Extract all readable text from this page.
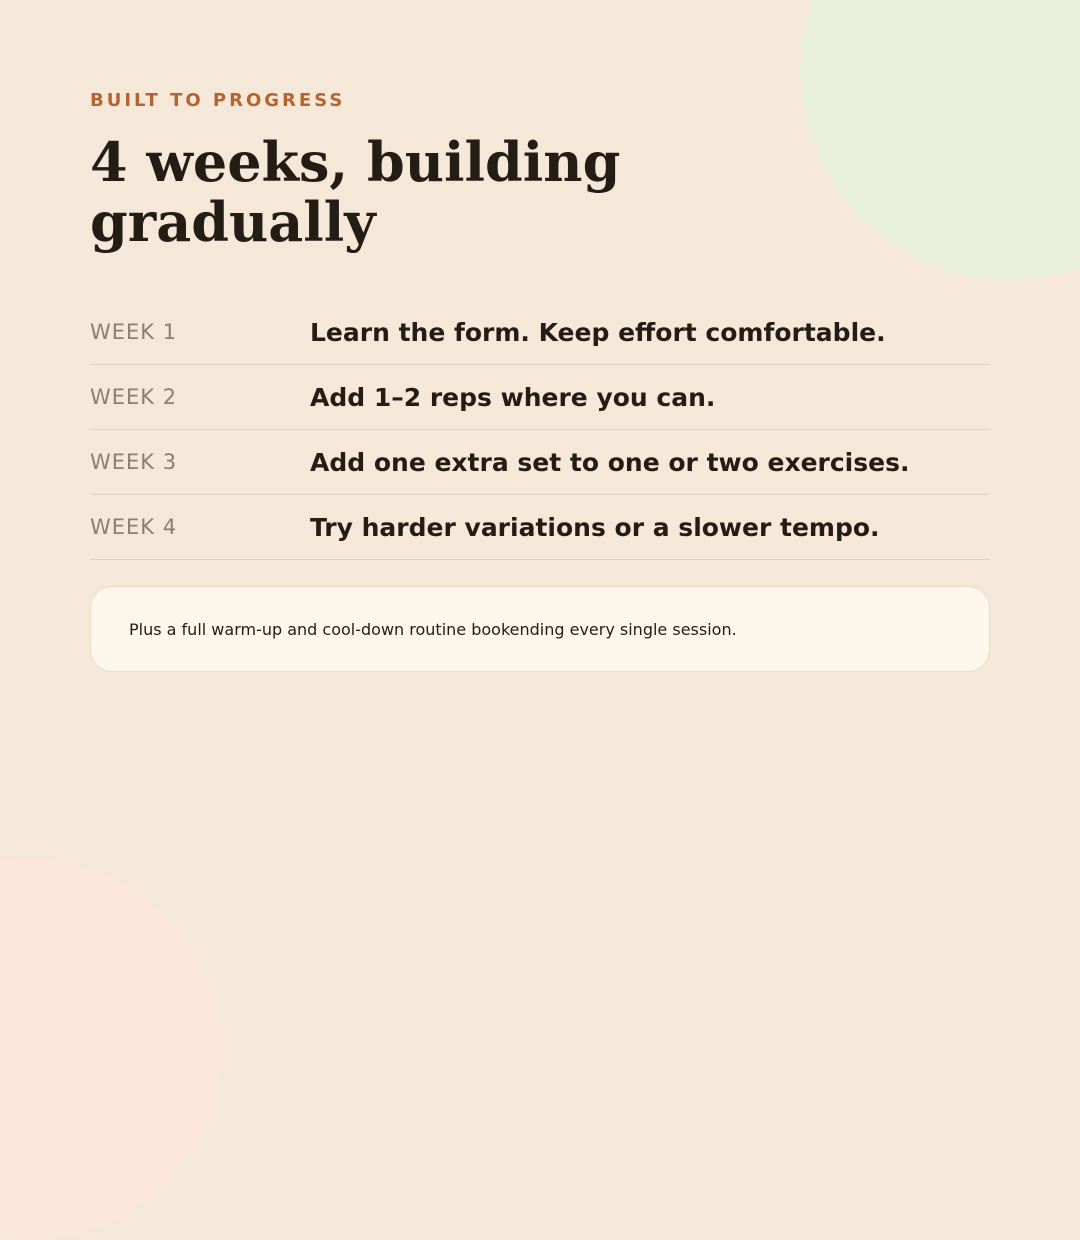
BUILT TO PROGRESS
4 weeks, building gradually
WEEK 1	Learn the form. Keep effort comfortable.
WEEK 2	Add 1–2 reps where you can.
WEEK 3	Add one extra set to one or two exercises.
WEEK 4	Try harder variations or a slower tempo.
Plus a full warm-up and cool-down routine bookending every single session.
